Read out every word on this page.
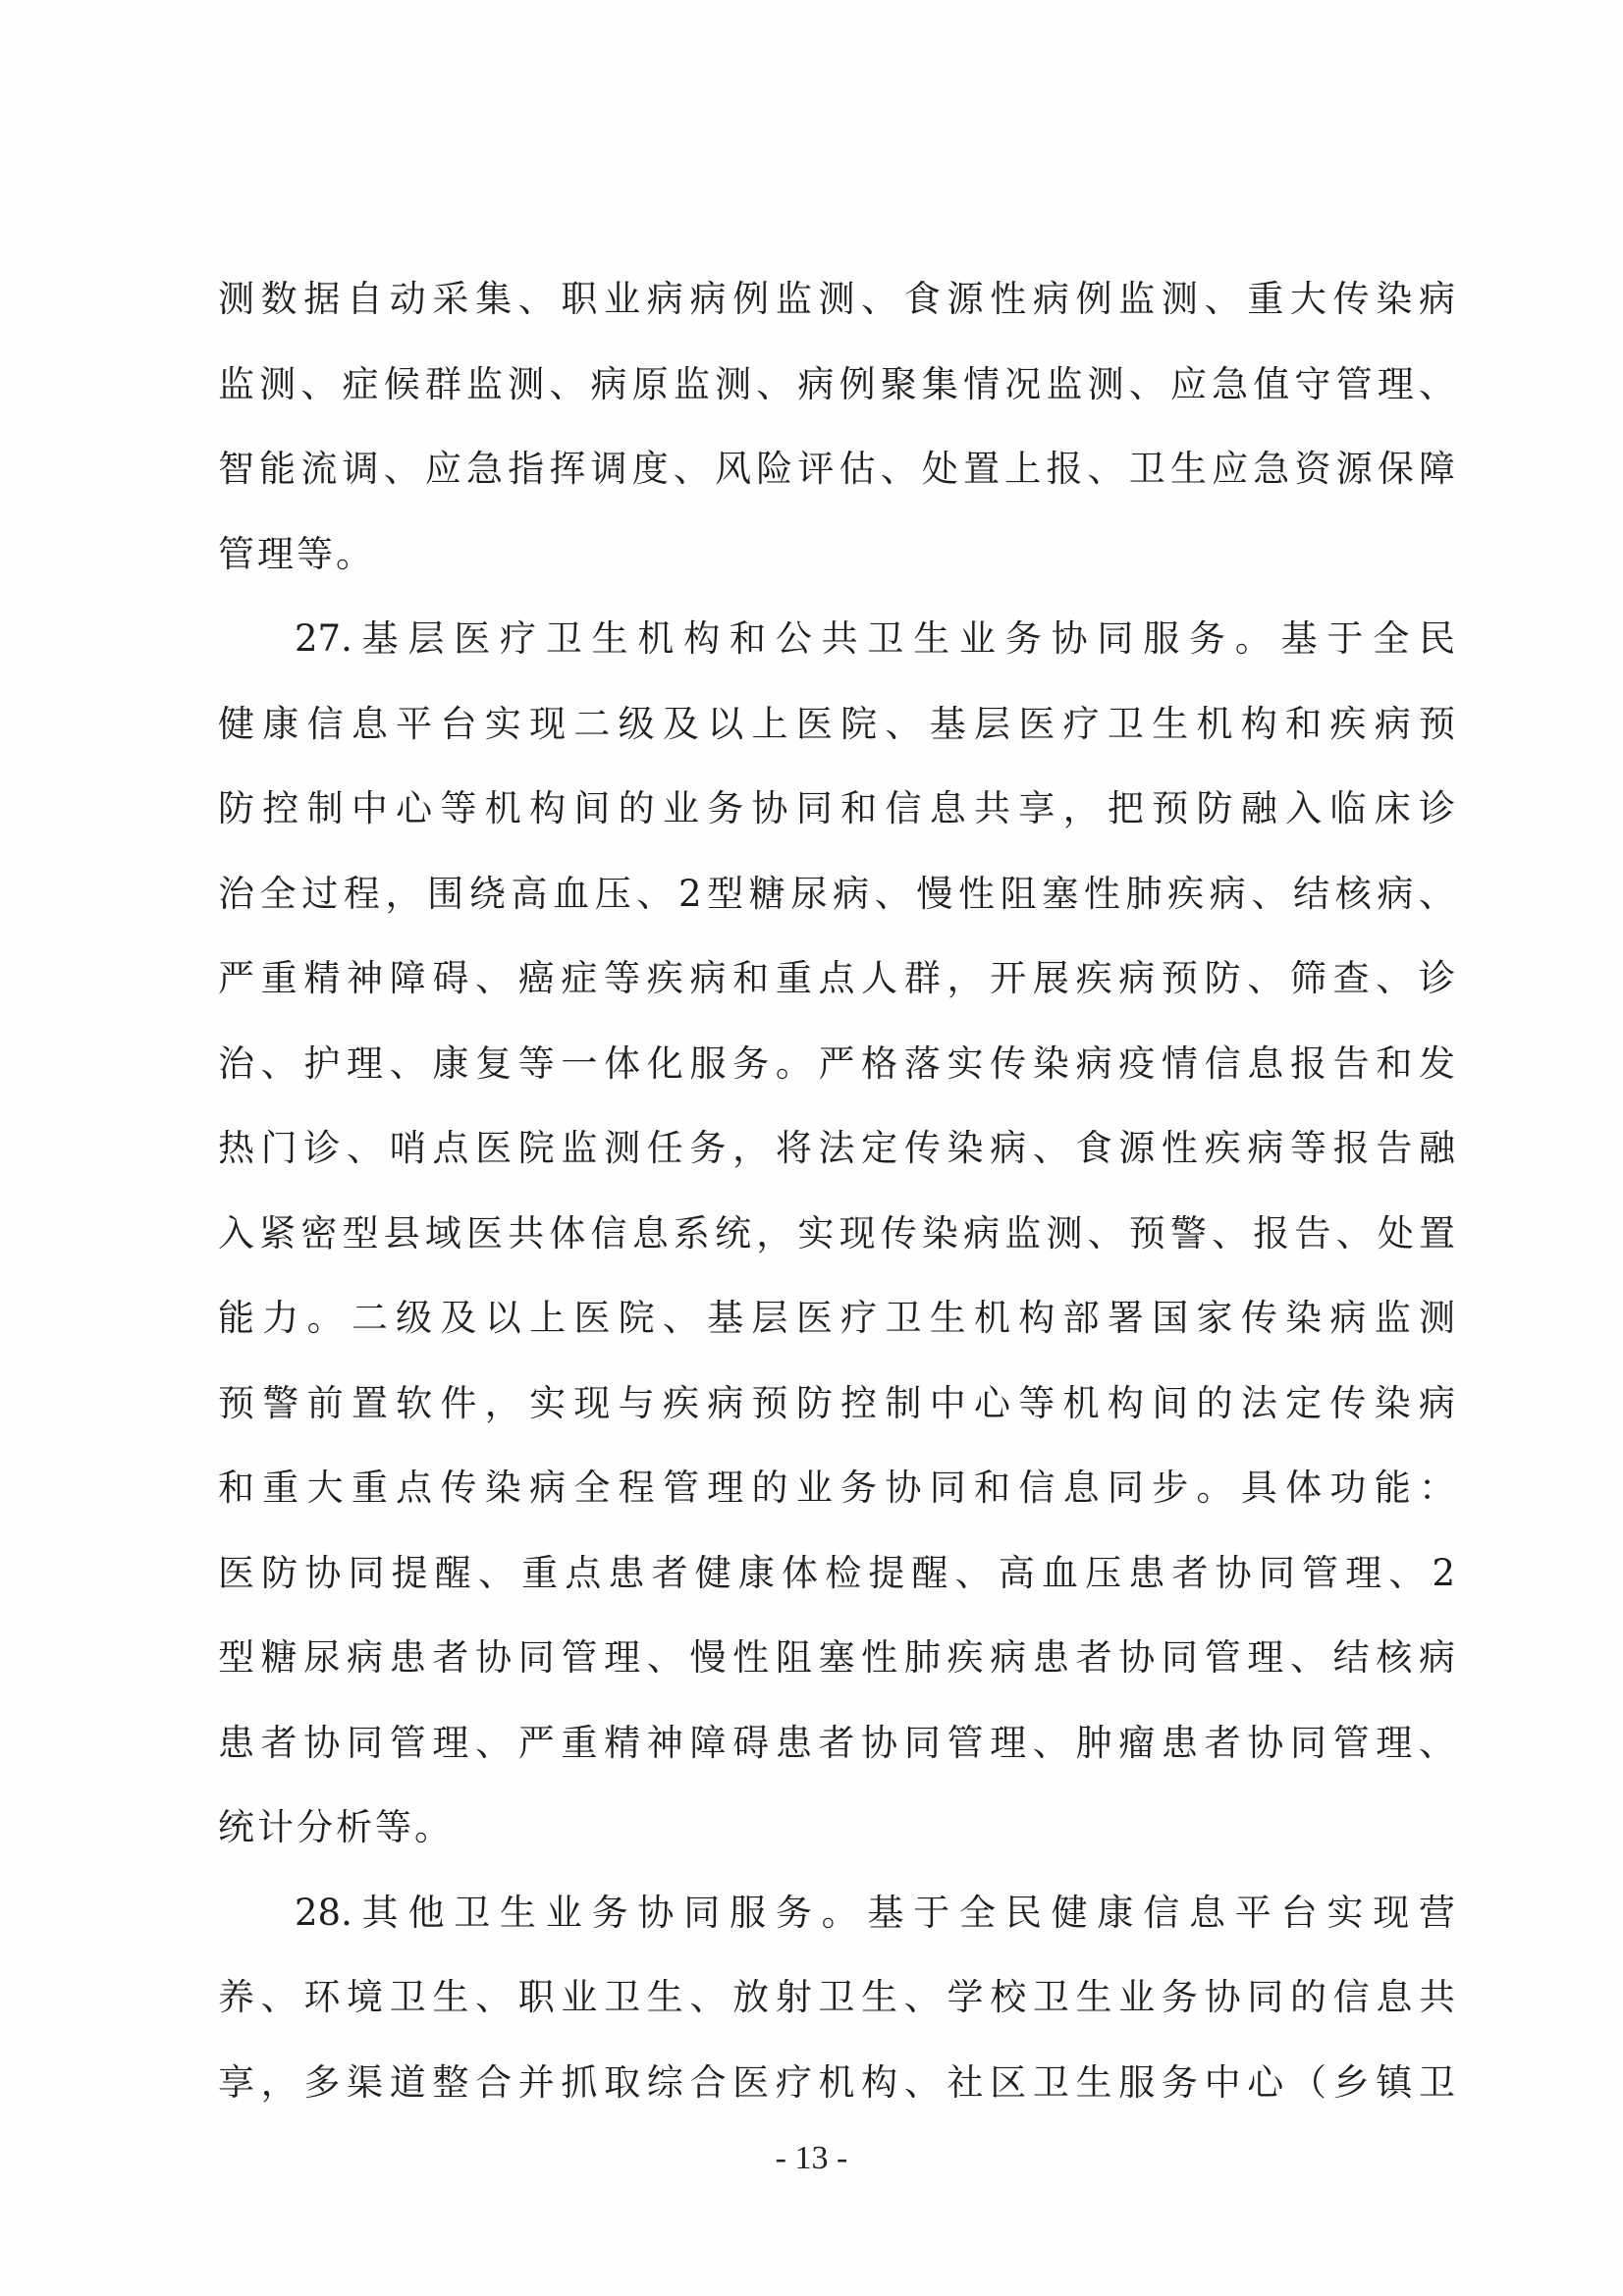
测数据自动采集、职业病病例监测、食源性病例监测、重大传染病
监测、症候群监测、病原监测、病例聚集情况监测、应急值守管理、
智能流调、应急指挥调度、风险评估、处置上报、卫生应急资源保障
管理等。
27.基层医疗卫生机构和公共卫生业务协同服务。基于全民
健康信息平台实现二级及以上医院、基层医疗卫生机构和疾病预
防控制中心等机构间的业务协同和信息共享，把预防融入临床诊
治全过程，围绕高血压、2型糖尿病、慢性阻塞性肺疾病、结核病、
严重精神障碍、癌症等疾病和重点人群，开展疾病预防、筛查、诊
治、护理、康复等一体化服务。严格落实传染病疫情信息报告和发
热门诊、哨点医院监测任务，将法定传染病、食源性疾病等报告融
入紧密型县域医共体信息系统，实现传染病监测、预警、报告、处置
能力。二级及以上医院、基层医疗卫生机构部署国家传染病监测
预警前置软件，实现与疾病预防控制中心等机构间的法定传染病
和重大重点传染病全程管理的业务协同和信息同步。具体功能：
医防协同提醒、重点患者健康体检提醒、高血压患者协同管理、2
型糖尿病患者协同管理、慢性阻塞性肺疾病患者协同管理、结核病
患者协同管理、严重精神障碍患者协同管理、肿瘤患者协同管理、
统计分析等。
28.其他卫生业务协同服务。基于全民健康信息平台实现营
养、环境卫生、职业卫生、放射卫生、学校卫生业务协同的信息共
享，多渠道整合并抓取综合医疗机构、社区卫生服务中心（乡镇卫
- 13 -
